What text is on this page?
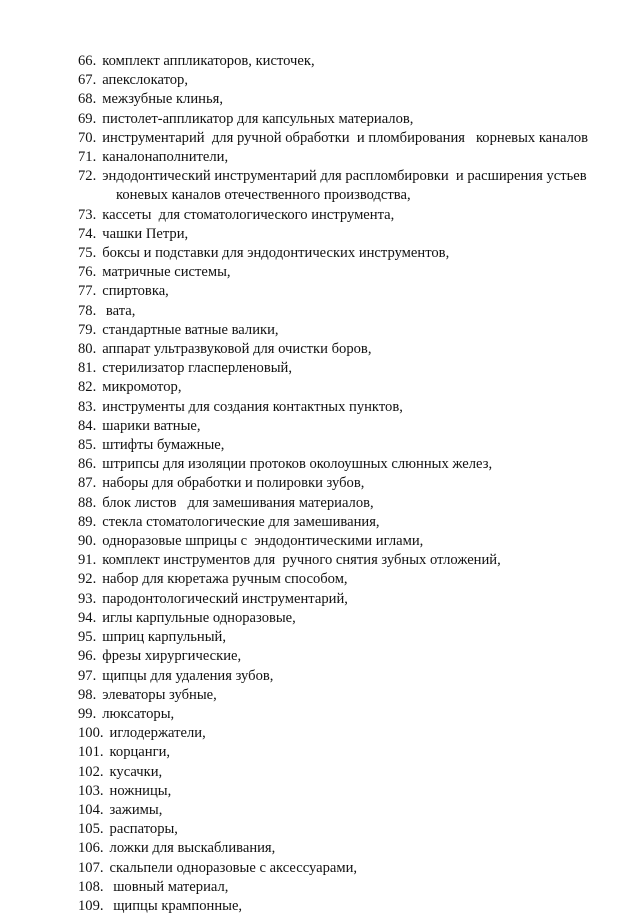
66. комплект аппликаторов, кисточек,
67. апекслокатор,
68. межзубные клинья,
69. пистолет-аппликатор для капсульных материалов,
70. инструментарий  для ручной обработки  и пломбирования   корневых каналов
71. каналонаполнители,
72. эндодонтический инструментарий для распломбировки  и расширения устьев
коневых каналов отечественного производства,
73. кассеты  для стоматологического инструмента,
74. чашки Петри,
75. боксы и подставки для эндодонтических инструментов,
76. матричные системы,
77. спиртовка,
78. вата,
79. стандартные ватные валики,
80. аппарат ультразвуковой для очистки боров,
81. стерилизатор гласперленовый,
82. микромотор,
83. инструменты для создания контактных пунктов,
84. шарики ватные,
85. штифты бумажные,
86. штрипсы для изоляции протоков околоушных слюнных желез,
87. наборы для обработки и полировки зубов,
88. блок листов   для замешивания материалов,
89. стекла стоматологические для замешивания,
90. одноразовые шприцы с  эндодонтическими иглами,
91. комплект инструментов для  ручного снятия зубных отложений,
92. набор для кюретажа ручным способом,
93. пародонтологический инструментарий,
94. иглы карпульные одноразовые,
95. шприц карпульный,
96. фрезы хирургические,
97. щипцы для удаления зубов,
98. элеваторы зубные,
99. люксаторы,
100. иглодержатели,
101. корцанги,
102. кусачки,
103. ножницы,
104. зажимы,
105. распаторы,
106. ложки для выскабливания,
107. скальпели одноразовые с аксессуарами,
108. шовный материал,
109. щипцы крампонные,
